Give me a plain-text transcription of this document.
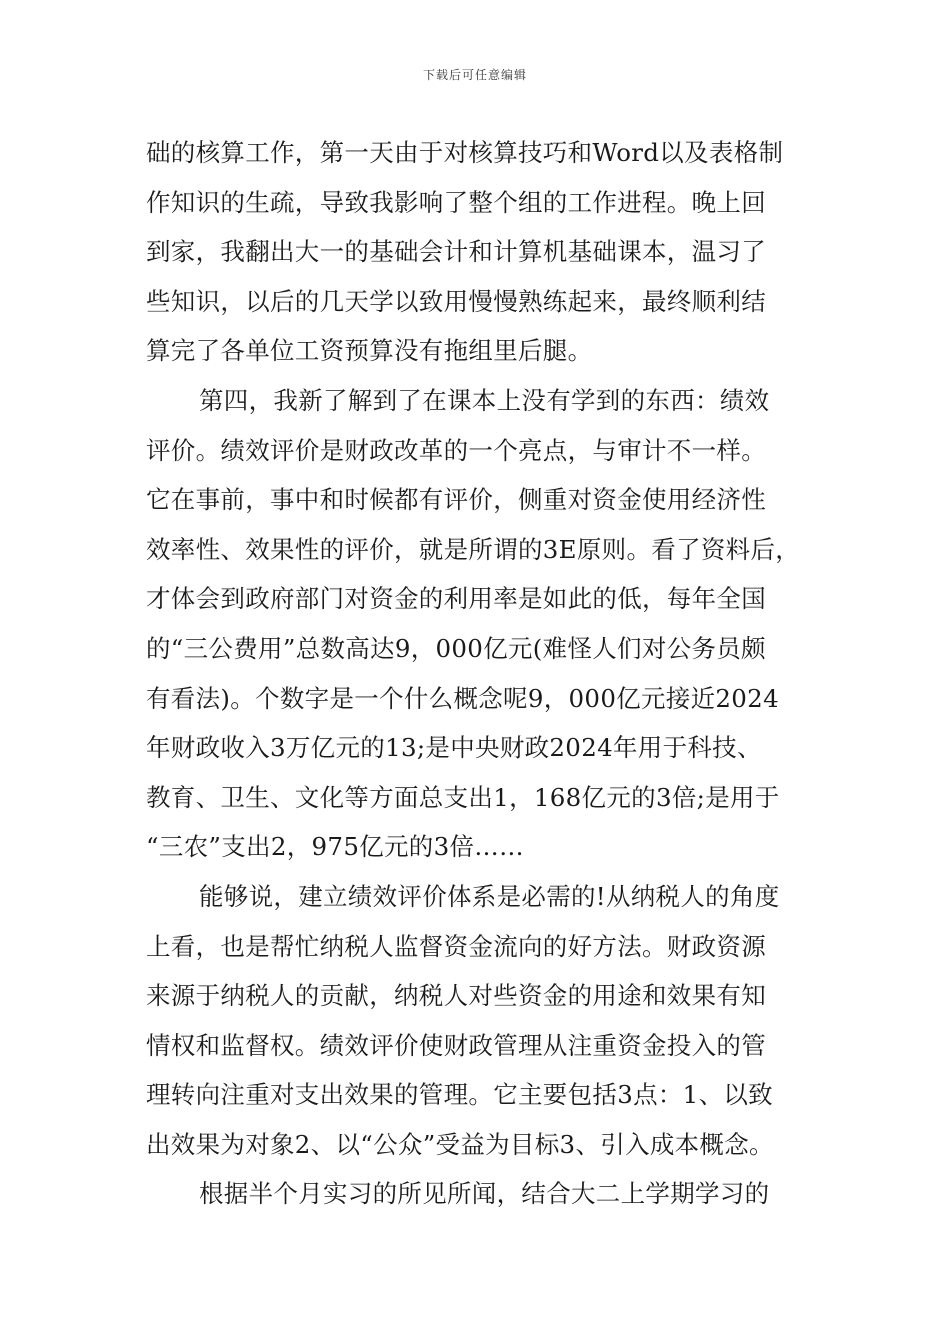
下载后可任意编辑
础的核算工作，第一天由于对核算技巧和Word以及表格制
作知识的生疏，导致我影响了整个组的工作进程。晚上回
到家，我翻出大一的基础会计和计算机基础课本，温习了
些知识，以后的几天学以致用慢慢熟练起来，最终顺利结
算完了各单位工资预算没有拖组里后腿。
第四，我新了解到了在课本上没有学到的东西：绩效
评价。绩效评价是财政改革的一个亮点，与审计不一样。
它在事前，事中和时候都有评价，侧重对资金使用经济性
效率性、效果性的评价，就是所谓的3E原则。看了资料后，
才体会到政府部门对资金的利用率是如此的低，每年全国
的“三公费用”总数高达9，000亿元(难怪人们对公务员颇
有看法)。个数字是一个什么概念呢9，000亿元接近2024
年财政收入3万亿元的13;是中央财政2024年用于科技、
教育、卫生、文化等方面总支出1，168亿元的3倍;是用于
“三农”支出2，975亿元的3倍……
能够说，建立绩效评价体系是必需的!从纳税人的角度
上看，也是帮忙纳税人监督资金流向的好方法。财政资源
来源于纳税人的贡献，纳税人对些资金的用途和效果有知
情权和监督权。绩效评价使财政管理从注重资金投入的管
理转向注重对支出效果的管理。它主要包括3点：1、以致
出效果为对象2、以“公众”受益为目标3、引入成本概念。
根据半个月实习的所见所闻，结合大二上学期学习的
